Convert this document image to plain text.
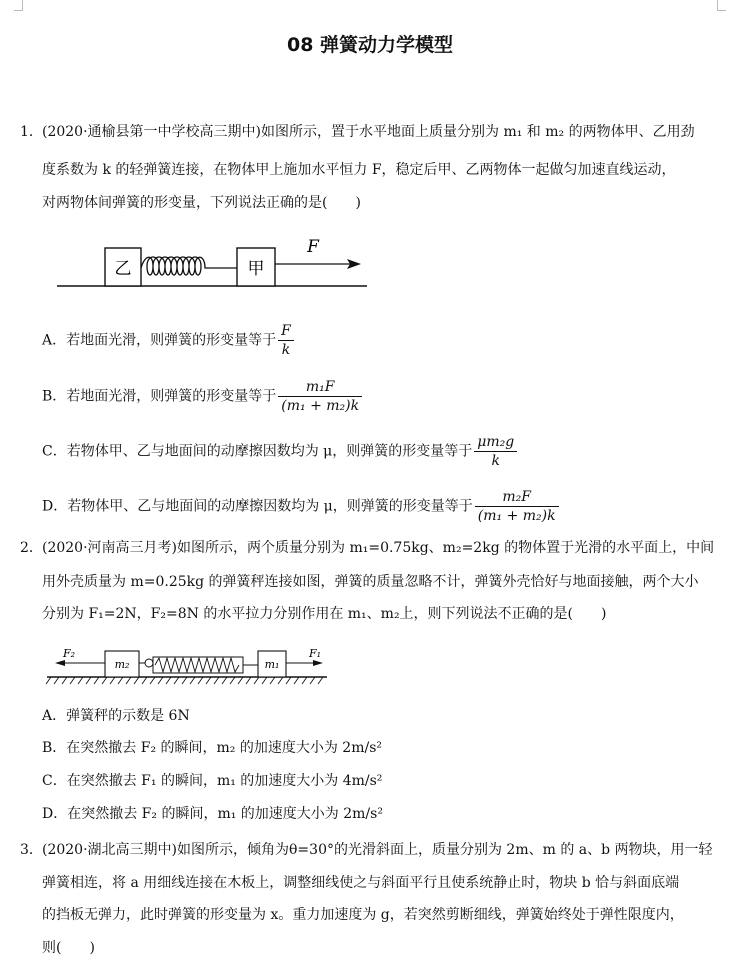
08 弹簧动力学模型
1． (2020·通榆县第一中学校高三期中)如图所示，置于水平地面上质量分别为 m₁ 和 m₂ 的两物体甲、乙用劲
度系数为 k 的轻弹簧连接，在物体甲上施加水平恒力 F，稳定后甲、乙两物体一起做匀加速直线运动，
对两物体间弹簧的形变量，下列说法正确的是(　　)
乙	甲
F
A．若地面光滑，则弹簧的形变量等于 $\frac{F}{k}$
B．若地面光滑，则弹簧的形变量等于 $\frac{\text{m₁F}}{\text{(m₁ + m₂)k}}$
C．若物体甲、乙与地面间的动摩擦因数均为 μ，则弹簧的形变量等于 $\frac{\text{μm₂g}}{k}$
D．若物体甲、乙与地面间的动摩擦因数均为 μ，则弹簧的形变量等于 $\frac{\text{m₂F}}{\text{(m₁ + m₂)k}}$
2． (2020·河南高三月考)如图所示，两个质量分别为 m₁=0.75kg、m₂=2kg 的物体置于光滑的水平面上，中间
用外壳质量为 m=0.25kg 的弹簧秤连接如图，弹簧的质量忽略不计，弹簧外壳恰好与地面接触，两个大小
分别为 F₁=2N，F₂=8N 的水平拉力分别作用在 m₁、m₂上，则下列说法不正确的是(　　)
F₂
m₂	m₁
F₁
A．弹簧秤的示数是 6N
B．在突然撤去 F₂ 的瞬间，m₂ 的加速度大小为 2m/s²
C．在突然撤去 F₁ 的瞬间，m₁ 的加速度大小为 4m/s²
D．在突然撤去 F₂ 的瞬间，m₁ 的加速度大小为 2m/s²
3． (2020·湖北高三期中)如图所示，倾角为θ=30°的光滑斜面上，质量分别为 2m、m 的 a、b 两物块，用一轻
弹簧相连，将 a 用细线连接在木板上，调整细线使之与斜面平行且使系统静止时，物块 b 恰与斜面底端
的挡板无弹力，此时弹簧的形变量为 x。重力加速度为 g，若突然剪断细线，弹簧始终处于弹性限度内，
则(　　)
